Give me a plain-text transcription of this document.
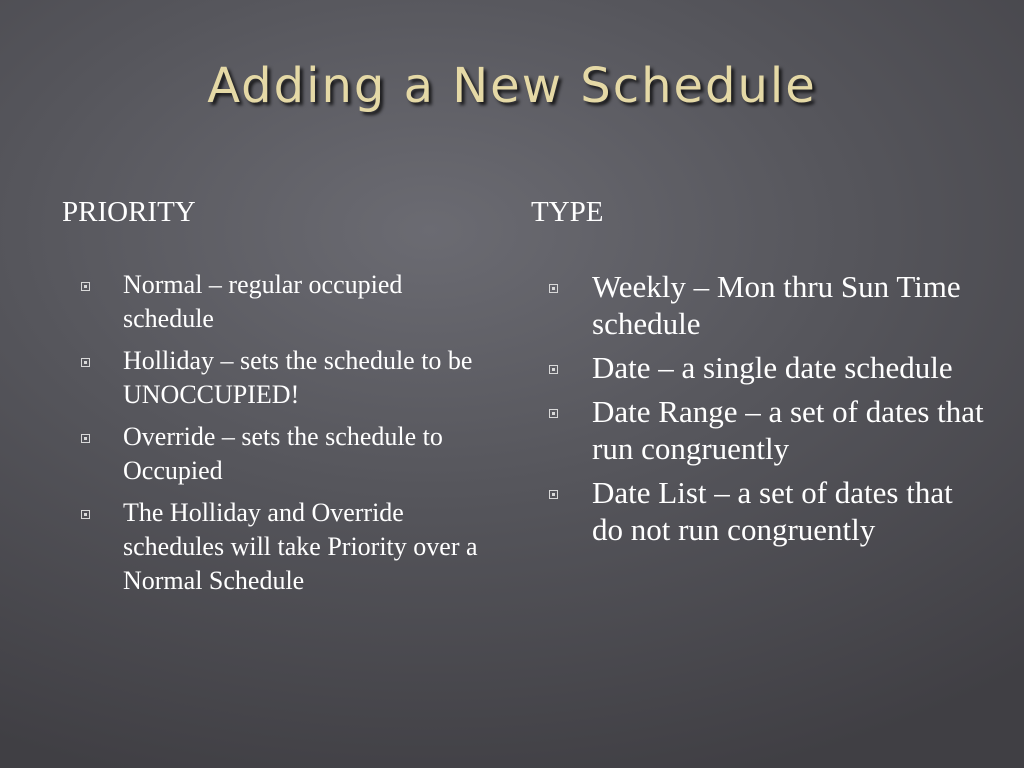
Adding a New Schedule
PRIORITY	TYPE
Normal – regular occupied schedule
Holliday – sets the schedule to be UNOCCUPIED!
Override – sets the schedule to Occupied
The Holliday and Override schedules will take Priority over a Normal Schedule
Weekly – Mon thru Sun Time schedule
Date – a single date schedule
Date Range – a set of dates that run congruently
Date List – a set of dates that do not run congruently
